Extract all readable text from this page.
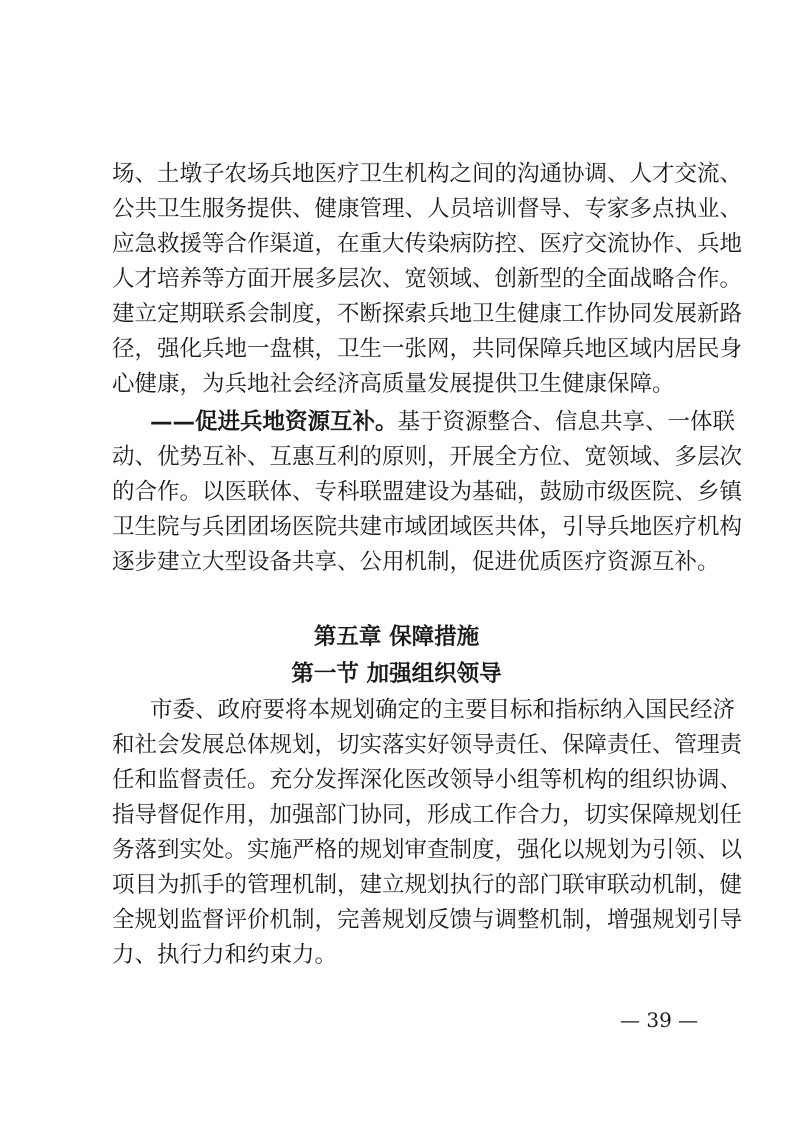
场、土墩子农场兵地医疗卫生机构之间的沟通协调、人才交流、
公共卫生服务提供、健康管理、人员培训督导、专家多点执业、
应急救援等合作渠道，在重大传染病防控、医疗交流协作、兵地
人才培养等方面开展多层次、宽领域、创新型的全面战略合作。
建立定期联系会制度，不断探索兵地卫生健康工作协同发展新路
径，强化兵地一盘棋，卫生一张网，共同保障兵地区域内居民身
心健康，为兵地社会经济高质量发展提供卫生健康保障。
——促进兵地资源互补。基于资源整合、信息共享、一体联
动、优势互补、互惠互利的原则，开展全方位、宽领域、多层次
的合作。以医联体、专科联盟建设为基础，鼓励市级医院、乡镇
卫生院与兵团团场医院共建市域团域医共体，引导兵地医疗机构
逐步建立大型设备共享、公用机制，促进优质医疗资源互补。
第五章 保障措施
第一节 加强组织领导
市委、政府要将本规划确定的主要目标和指标纳入国民经济
和社会发展总体规划，切实落实好领导责任、保障责任、管理责
任和监督责任。充分发挥深化医改领导小组等机构的组织协调、
指导督促作用，加强部门协同，形成工作合力，切实保障规划任
务落到实处。实施严格的规划审查制度，强化以规划为引领、以
项目为抓手的管理机制，建立规划执行的部门联审联动机制，健
全规划监督评价机制，完善规划反馈与调整机制，增强规划引导
力、执行力和约束力。
— 39 —
